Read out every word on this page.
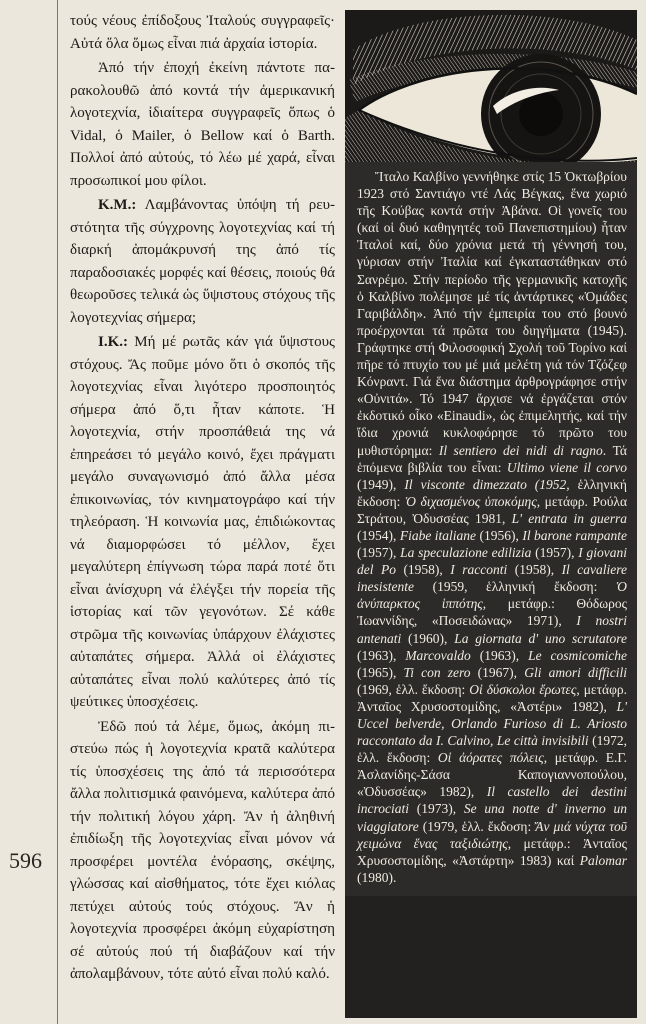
596

τούς νέους ἐπίδοξους Ἰταλούς συγγραφεῖς· Αὐτά ὅλα ὅμως εἶναι πιά ἀρχαία ἱστορία.

Ἀπό τήν ἐποχή ἐκείνη πάντοτε παρακολουθῶ ἀπό κοντά τήν ἀμερικανική λογοτεχνία, ἰδιαίτερα συγγραφεῖς ὅπως ὁ Vidal, ὁ Mailer, ὁ Bellow καί ὁ Barth. Πολλοί ἀπό αὐτούς, τό λέω μέ χαρά, εἶναι προσωπικοί μου φίλοι.

Κ.Μ.: Λαμβάνοντας ὑπόψη τή ρευστότητα τῆς σύγχρονης λογοτεχνίας καί τή διαρκή ἀπομάκρυνσή της ἀπό τίς παραδοσιακές μορφές καί θέσεις, ποιούς θά θεωροῦσες τελικά ὡς ὕψιστους στόχους τῆς λογοτεχνίας σήμερα;

Ι.Κ.: Μή μέ ρωτᾶς κάν γιά ὕψιστους στόχους. Ἄς ποῦμε μόνο ὅτι ὁ σκοπός τῆς λογοτεχνίας εἶναι λιγότερο προσποιητός σήμερα ἀπό ὅ,τι ἦταν κάποτε. Ἡ λογοτεχνία, στήν προσπάθειά της νά ἐπηρεάσει τό μεγάλο κοινό, ἔχει πράγματι μεγάλο συναγωνισμό ἀπό ἄλλα μέσα ἐπικοινωνίας, τόν κινηματογράφο καί τήν τηλεόραση. Ἡ κοινωνία μας, ἐπιδιώκοντας νά διαμορφώσει τό μέλλον, ἔχει μεγαλύτερη ἐπίγνωση τώρα παρά ποτέ ὅτι εἶναι ἀνίσχυρη νά ἐλέγξει τήν πορεία τῆς ἱστορίας καί τῶν γεγονότων. Σέ κάθε στρῶμα τῆς κοινωνίας ὑπάρχουν ἐλάχιστες αὐταπάτες σήμερα. Ἀλλά οἱ ἐλάχιστες αὐταπάτες εἶναι πολύ καλύτερες ἀπό τίς ψεύτικες ὑποσχέσεις.

Ἐδῶ πού τά λέμε, ὅμως, ἀκόμη πιστεύω πώς ἡ λογοτεχνία κρατᾶ καλύτερα τίς ὑποσχέσεις της ἀπό τά περισσότερα ἄλλα πολιτισμικά φαινόμενα, καλύτερα ἀπό τήν πολιτική λόγου χάρη. Ἄν ἡ ἀληθινή ἐπιδίωξη τῆς λογοτεχνίας εἶναι μόνον νά προσφέρει μοντέλα ἐνόρασης, σκέψης, γλώσσας καί αἰσθήματος, τότε ἔχει κιόλας πετύχει αὐτούς τούς στόχους. Ἄν ἡ λογοτεχνία προσφέρει ἀκόμη εὐχαρίστηση σέ αὐτούς πού τή διαβάζουν καί τήν ἀπολαμβάνουν, τότε αὐτό εἶναι πολύ καλό.

Ἴταλο Καλβίνο γεννήθηκε στίς 15 Ὀκτωβρίου 1923 στό Σαντιάγο ντέ Λάς Βέγκας, ἕνα χωριό τῆς Κούβας κοντά στήν Ἀβάνα. Οἱ γονεῖς του (καί οἱ δυό καθηγητές τοῦ Πανεπιστημίου) ἦταν Ἰταλοί καί, δύο χρόνια μετά τή γέννησή του, γύρισαν στήν Ἰταλία καί ἐγκαταστάθηκαν στό Σανρέμο. Στήν περίοδο τῆς γερμανικῆς κατοχῆς ὁ Καλβίνο πολέμησε μέ τίς ἀντάρτικες «Ὁμάδες Γαριβάλδη». Ἀπό τήν ἐμπειρία του στό βουνό προέρχονται τά πρῶτα του διηγήματα (1945). Γράφτηκε στή Φιλοσοφική Σχολή τοῦ Τορίνο καί πῆρε τό πτυχίο του μέ μιά μελέτη γιά τόν Τζόζεφ Κόνραντ. Γιά ἕνα διάστημα ἀρθρογράφησε στήν «Οὐνιτά». Τό 1947 ἄρχισε νά ἐργάζεται στόν ἐκδοτικό οἶκο «Einaudi», ὡς ἐπιμελητής, καί τήν ἴδια χρονιά κυκλοφόρησε τό πρῶτο του μυθιστόρημα: Il sentiero dei nidi di ragno. Τά ἑπόμενα βιβλία του εἶναι: Ultimo viene il corvo (1949), Il visconte dimezzato (1952, ἑλληνική ἔκδοση: Ὁ διχασμένος ὑποκόμης, μετάφρ. Ρούλα Στράτου, Ὀδυσσέας 1981, L' entrata in guerra (1954), Fiabe italiane (1956), Il barone rampante (1957), La speculazione edilizia (1957), I giovani del Po (1958), I racconti (1958), Il cavaliere inesistente (1959, ἑλληνική ἔκδοση: Ὁ ἀνύπαρκτος ἱππότης, μετάφρ.: Θόδωρος Ἰωαννίδης, «Ποσειδώνας» 1971), I nostri antenati (1960), La giornata d' uno scrutatore (1963), Marcovaldo (1963), Le cosmicomiche (1965), Ti con zero (1967), Gli amori difficili (1969, ἑλλ. ἔκδοση: Οἱ δύσκολοι ἔρωτες, μετάφρ. Ἀνταῖος Χρυσοστομίδης, «Ἀστέρι» 1982), L' Uccel belverde, Orlando Furioso di L. Ariosto raccontato da I. Calvino, Le città invisibili (1972, ἑλλ. ἔκδοση: Οἱ ἀόρατες πόλεις, μετάφρ. Ε.Γ. Ἀσλανίδης-Σάσα Καπογιαννοπούλου, «Ὀδυσσέας» 1982), Il castello dei destini incrociati (1973), Se una notte d' inverno un viaggiatore (1979, ἑλλ. ἔκδοση: Ἄν μιά νύχτα τοῦ χειμώνα ἕνας ταξιδιώτης, μετάφρ.: Ἀνταῖος Χρυσοστομίδης, «Ἀστάρτη» 1983) καί Palomar (1980).
